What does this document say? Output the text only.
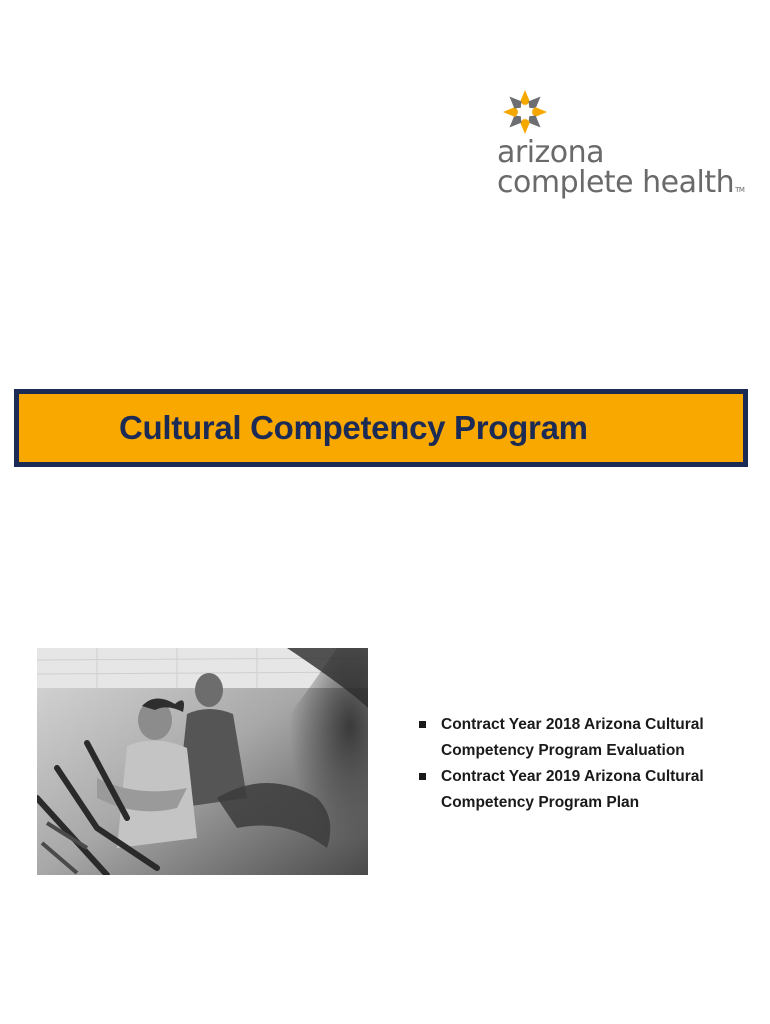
arizona
complete healthTM
Cultural Competency Program
Contract Year 2018 Arizona Cultural Competency Program Evaluation
Contract Year 2019 Arizona Cultural Competency Program Plan
